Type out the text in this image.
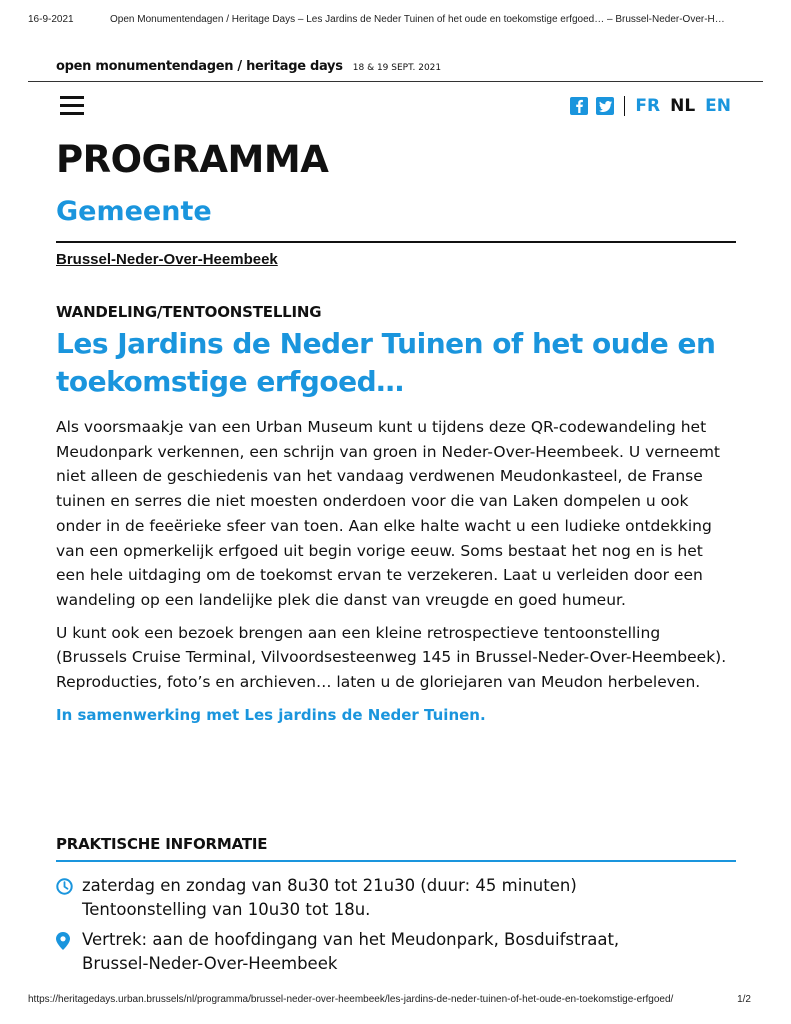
16-9-2021	Open Monumentendagen / Heritage Days – Les Jardins de Neder Tuinen of het oude en toekomstige erfgoed… – Brussel-Neder-Over-H…
open monumentendagen / heritage days 18 & 19 SEPT. 2021
FR NL EN
PROGRAMMA
Gemeente
Brussel-Neder-Over-Heembeek
WANDELING/TENTOONSTELLING
Les Jardins de Neder Tuinen of het oude en toekomstige erfgoed…

Als voorsmaakje van een Urban Museum kunt u tijdens deze QR-codewandeling het Meudonpark verkennen, een schrijn van groen in Neder-Over-Heembeek. U verneemt niet alleen de geschiedenis van het vandaag verdwenen Meudonkasteel, de Franse tuinen en serres die niet moesten onderdoen voor die van Laken dompelen u ook onder in de feeërieke sfeer van toen. Aan elke halte wacht u een ludieke ontdekking van een opmerkelijk erfgoed uit begin vorige eeuw. Soms bestaat het nog en is het een hele uitdaging om de toekomst ervan te verzekeren. Laat u verleiden door een wandeling op een landelijke plek die danst van vreugde en goed humeur.

U kunt ook een bezoek brengen aan een kleine retrospectieve tentoonstelling (Brussels Cruise Terminal, Vilvoordsesteenweg 145 in Brussel-Neder-Over-Heembeek). Reproducties, foto’s en archieven… laten u de gloriejaren van Meudon herbeleven.

In samenwerking met Les jardins de Neder Tuinen.

PRAKTISCHE INFORMATIE
zaterdag en zondag van 8u30 tot 21u30 (duur: 45 minuten)
Tentoonstelling van 10u30 tot 18u.
Vertrek: aan de hoofdingang van het Meudonpark, Bosduifstraat,
Brussel-Neder-Over-Heembeek
https://heritagedays.urban.brussels/nl/programma/brussel-neder-over-heembeek/les-jardins-de-neder-tuinen-of-het-oude-en-toekomstige-erfgoed/	1/2
